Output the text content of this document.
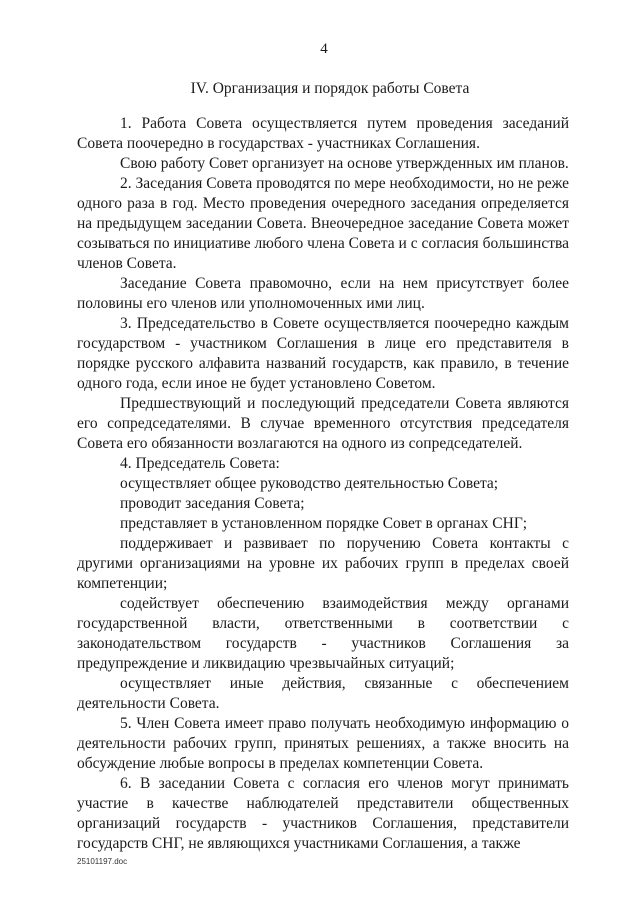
4
IV. Организация и порядок работы Совета

1. Работа Совета осуществляется путем проведения заседаний Совета поочередно в государствах - участниках Соглашения.

Свою работу Совет организует на основе утвержденных им планов.

2. Заседания Совета проводятся по мере необходимости, но не реже одного раза в год. Место проведения очередного заседания определяется на предыдущем заседании Совета. Внеочередное заседание Совета может созываться по инициативе любого члена Совета и с согласия большинства членов Совета.

Заседание Совета правомочно, если на нем присутствует более половины его членов или уполномоченных ими лиц.

3. Председательство в Совете осуществляется поочередно каждым государством - участником Соглашения в лице его представителя в порядке русского алфавита названий государств, как правило, в течение одного года, если иное не будет установлено Советом.

Предшествующий и последующий председатели Совета являются его сопредседателями. В случае временного отсутствия председателя Совета его обязанности возлагаются на одного из сопредседателей.

4. Председатель Совета:

осуществляет общее руководство деятельностью Совета;

проводит заседания Совета;

представляет в установленном порядке Совет в органах СНГ;

поддерживает и развивает по поручению Совета контакты с другими организациями на уровне их рабочих групп в пределах своей компетенции;

содействует обеспечению взаимодействия между органами государственной власти, ответственными в соответствии с законодательством государств - участников Соглашения за предупреждение и ликвидацию чрезвычайных ситуаций;

осуществляет иные действия, связанные с обеспечением деятельности Совета.

5. Член Совета имеет право получать необходимую информацию о деятельности рабочих групп, принятых решениях, а также вносить на обсуждение любые вопросы в пределах компетенции Совета.

6. В заседании Совета с согласия его членов могут принимать участие в качестве наблюдателей представители общественных организаций государств - участников Соглашения, представители государств СНГ, не являющихся участниками Соглашения, а также

25101197.doc
